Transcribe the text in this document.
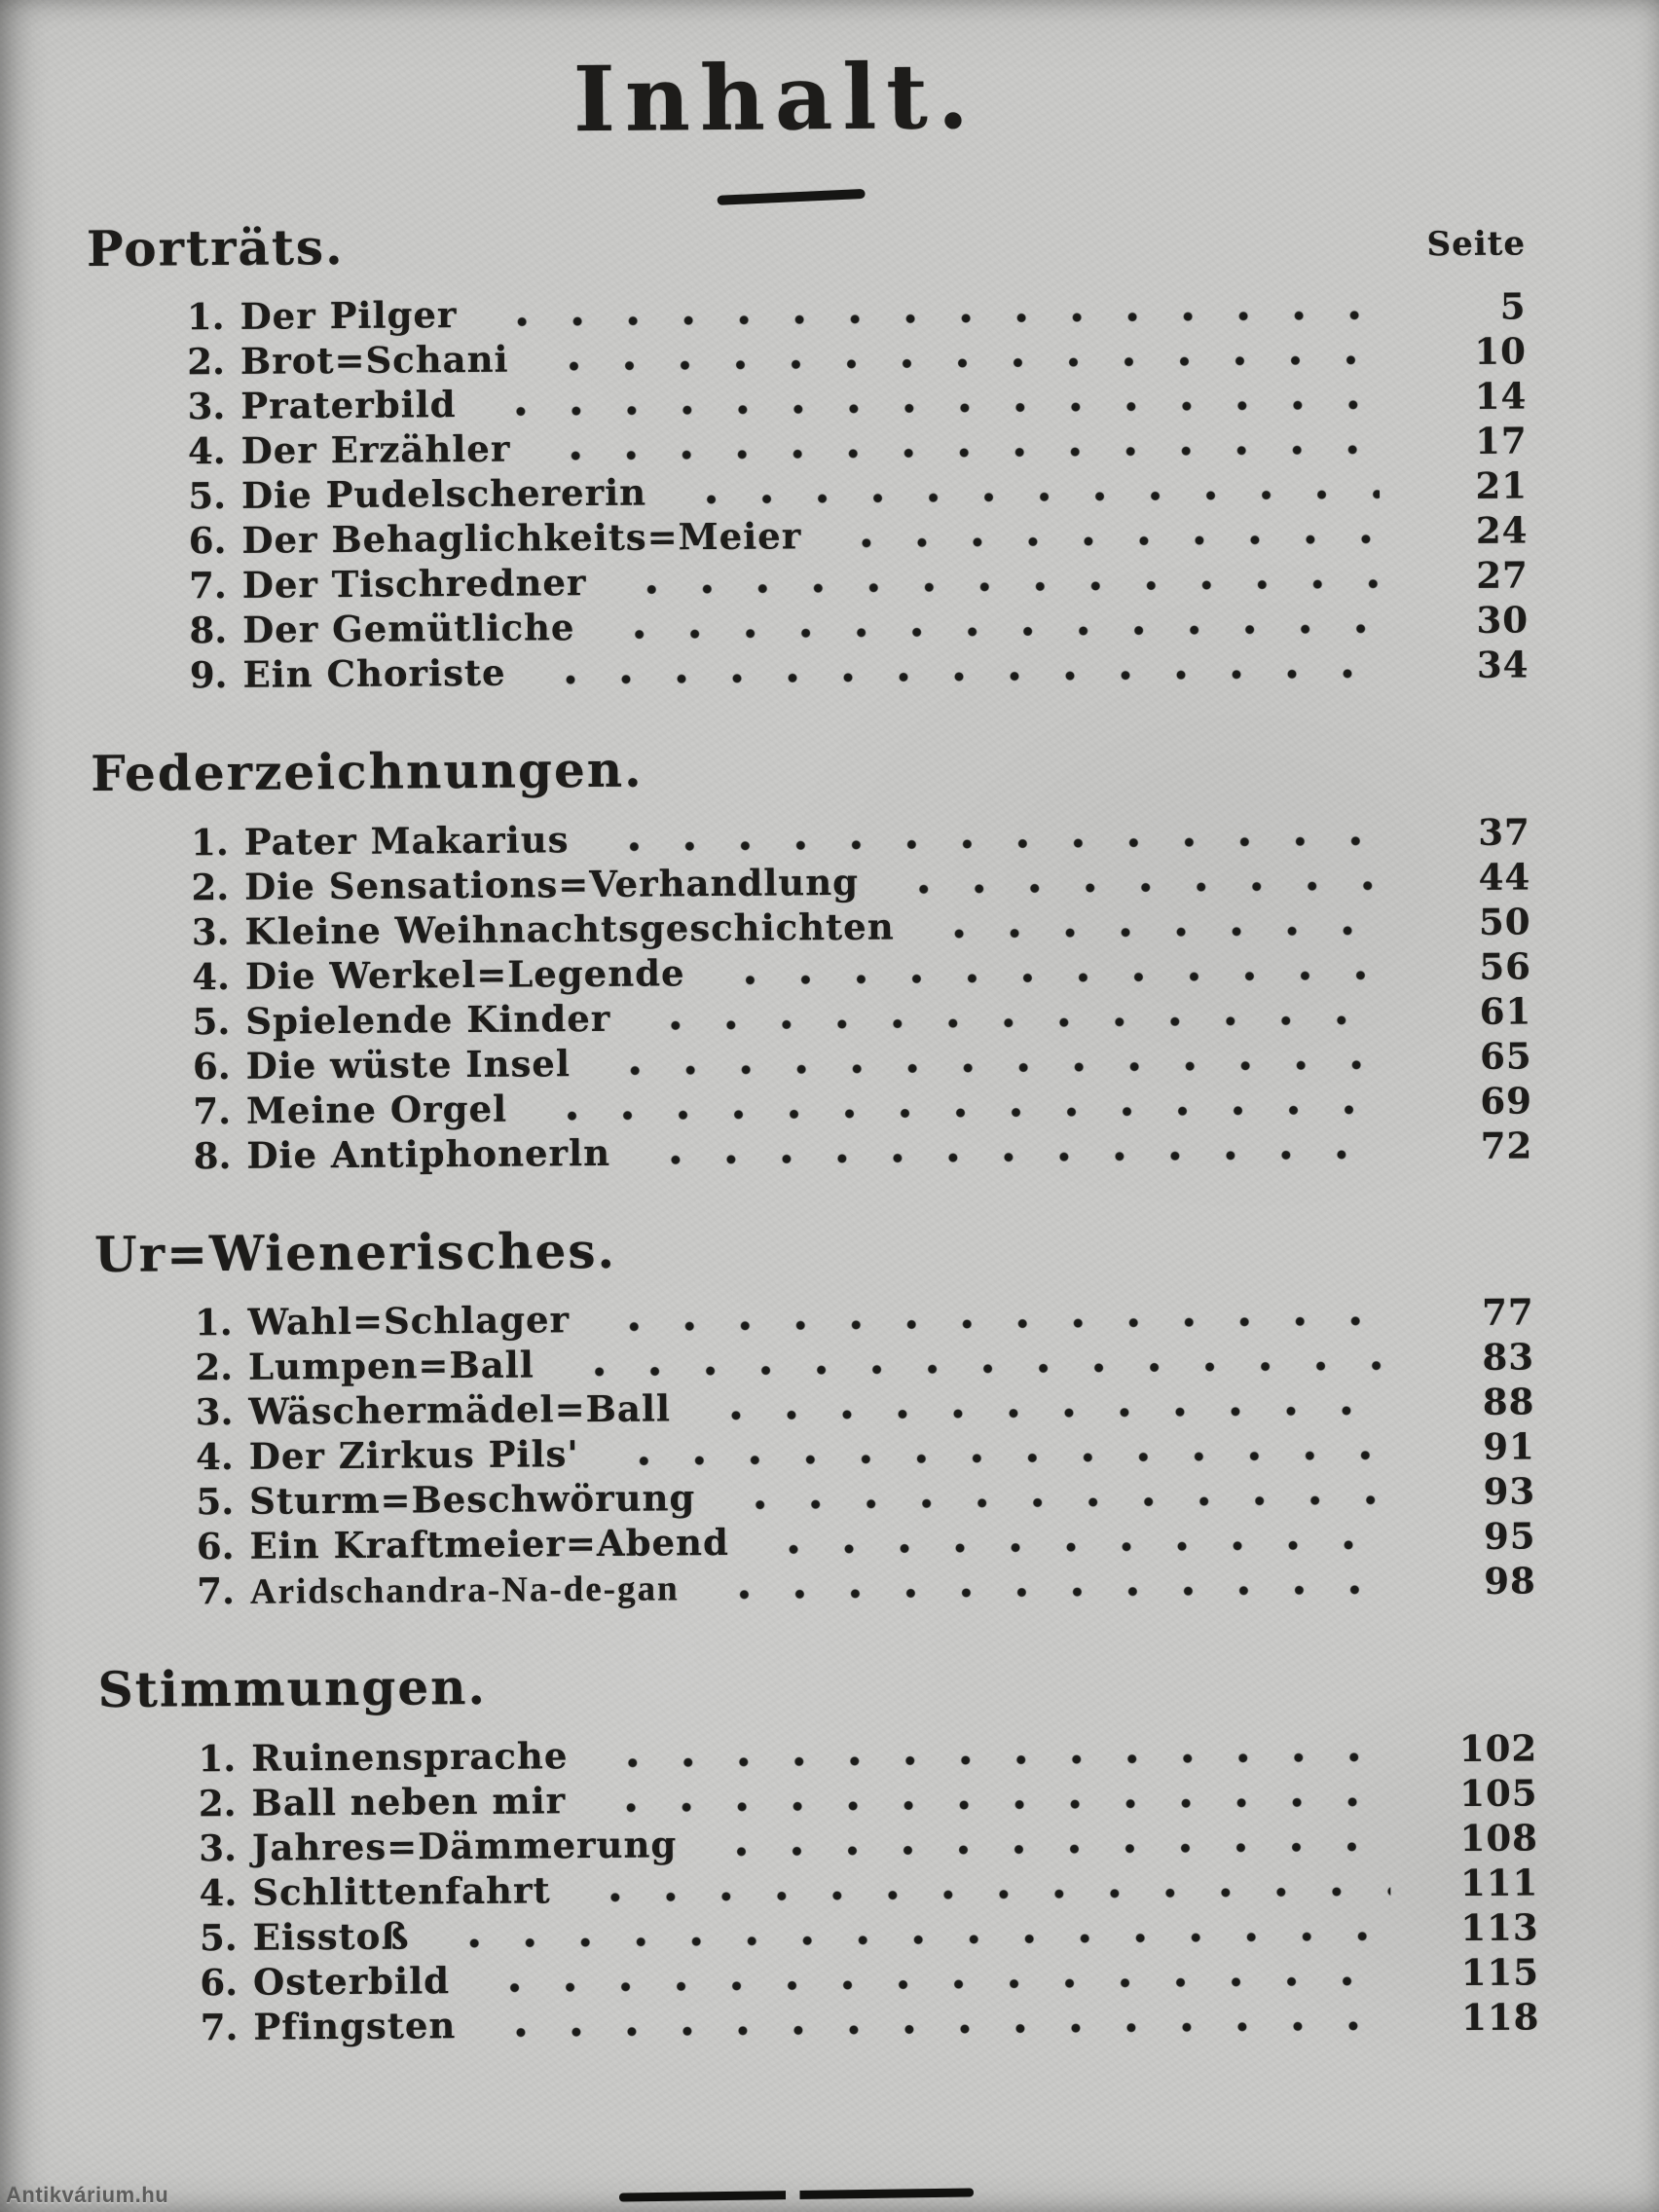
Inhalt.
Porträts.	Seite
1. Der Pilger	5
2. Brot=Schani	10
3. Praterbild	14
4. Der Erzähler	17
5. Die Pudelschererin	21
6. Der Behaglichkeits=Meier	24
7. Der Tischredner	27
8. Der Gemütliche	30
9. Ein Choriste	34
Federzeichnungen.
1. Pater Makarius	37
2. Die Sensations=Verhandlung	44
3. Kleine Weihnachtsgeschichten	50
4. Die Werkel=Legende	56
5. Spielende Kinder	61
6. Die wüste Insel	65
7. Meine Orgel	69
8. Die Antiphonerln	72
Ur=Wienerisches.
1. Wahl=Schlager	77
2. Lumpen=Ball	83
3. Wäschermädel=Ball	88
4. Der Zirkus Pils'	91
5. Sturm=Beschwörung	93
6. Ein Kraftmeier=Abend	95
7. Aridschandra-Na-de-gan	98
Stimmungen.
1. Ruinensprache	102
2. Ball neben mir	105
3. Jahres=Dämmerung	108
4. Schlittenfahrt	111
5. Eisstoß	113
6. Osterbild	115
7. Pfingsten	118
Antikvárium.hu
